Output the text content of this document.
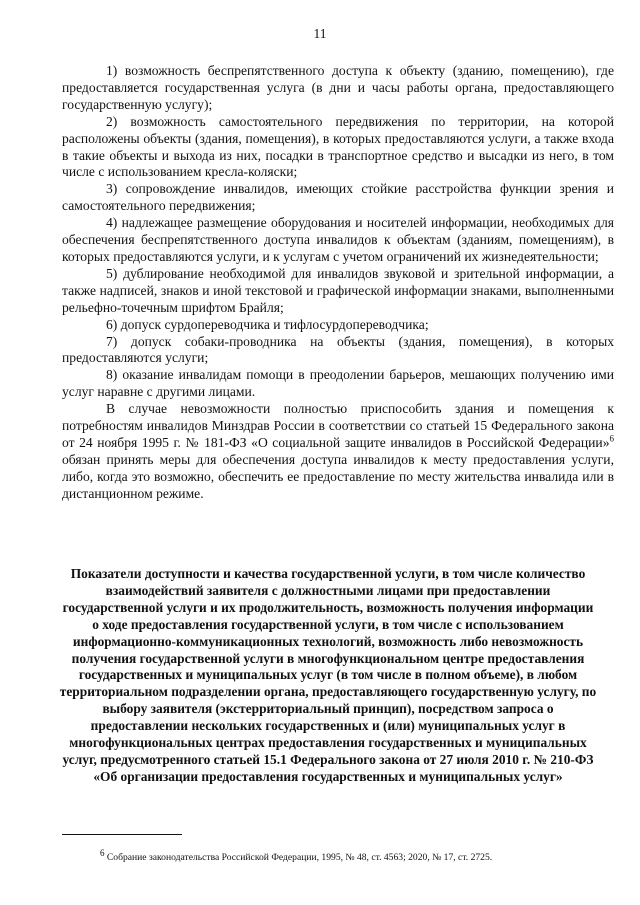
11

1) возможность беспрепятственного доступа к объекту (зданию, помещению), где предоставляется государственная услуга (в дни и часы работы органа, предоставляющего государственную услугу);

2) возможность самостоятельного передвижения по территории, на которой расположены объекты (здания, помещения), в которых предоставляются услуги, а также входа в такие объекты и выхода из них, посадки в транспортное средство и высадки из него, в том числе с использованием кресла-коляски;

3) сопровождение инвалидов, имеющих стойкие расстройства функции зрения и самостоятельного передвижения;

4) надлежащее размещение оборудования и носителей информации, необходимых для обеспечения беспрепятственного доступа инвалидов к объектам (зданиям, помещениям), в которых предоставляются услуги, и к услугам с учетом ограничений их жизнедеятельности;

5) дублирование необходимой для инвалидов звуковой и зрительной информации, а также надписей, знаков и иной текстовой и графической информации знаками, выполненными рельефно-точечным шрифтом Брайля;

6) допуск сурдопереводчика и тифлосурдопереводчика;

7) допуск собаки-проводника на объекты (здания, помещения), в которых предоставляются услуги;

8) оказание инвалидам помощи в преодолении барьеров, мешающих получению ими услуг наравне с другими лицами.

В случае невозможности полностью приспособить здания и помещения к потребностям инвалидов Минздрав России в соответствии со статьей 15 Федерального закона от 24 ноября 1995 г. № 181-ФЗ «О социальной защите инвалидов в Российской Федерации»$^6$ обязан принять меры для обеспечения доступа инвалидов к месту предоставления услуги, либо, когда это возможно, обеспечить ее предоставление по месту жительства инвалида или в дистанционном режиме.

Показатели доступности и качества государственной услуги, в том числе количество взаимодействий заявителя с должностными лицами при предоставлении государственной услуги и их продолжительность, возможность получения информации о ходе предоставления государственной услуги, в том числе с использованием информационно-коммуникационных технологий, возможность либо невозможность получения государственной услуги в многофункциональном центре предоставления государственных и муниципальных услуг (в том числе в полном объеме), в любом территориальном подразделении органа, предоставляющего государственную услугу, по выбору заявителя (экстерриториальный принцип), посредством запроса о предоставлении нескольких государственных и (или) муниципальных услуг в многофункциональных центрах предоставления государственных и муниципальных услуг, предусмотренного статьей 15.1 Федерального закона от 27 июля 2010 г. № 210-ФЗ «Об организации предоставления государственных и муниципальных услуг»

$^6$ Собрание законодательства Российской Федерации, 1995, № 48, ст. 4563; 2020, № 17, ст. 2725.
